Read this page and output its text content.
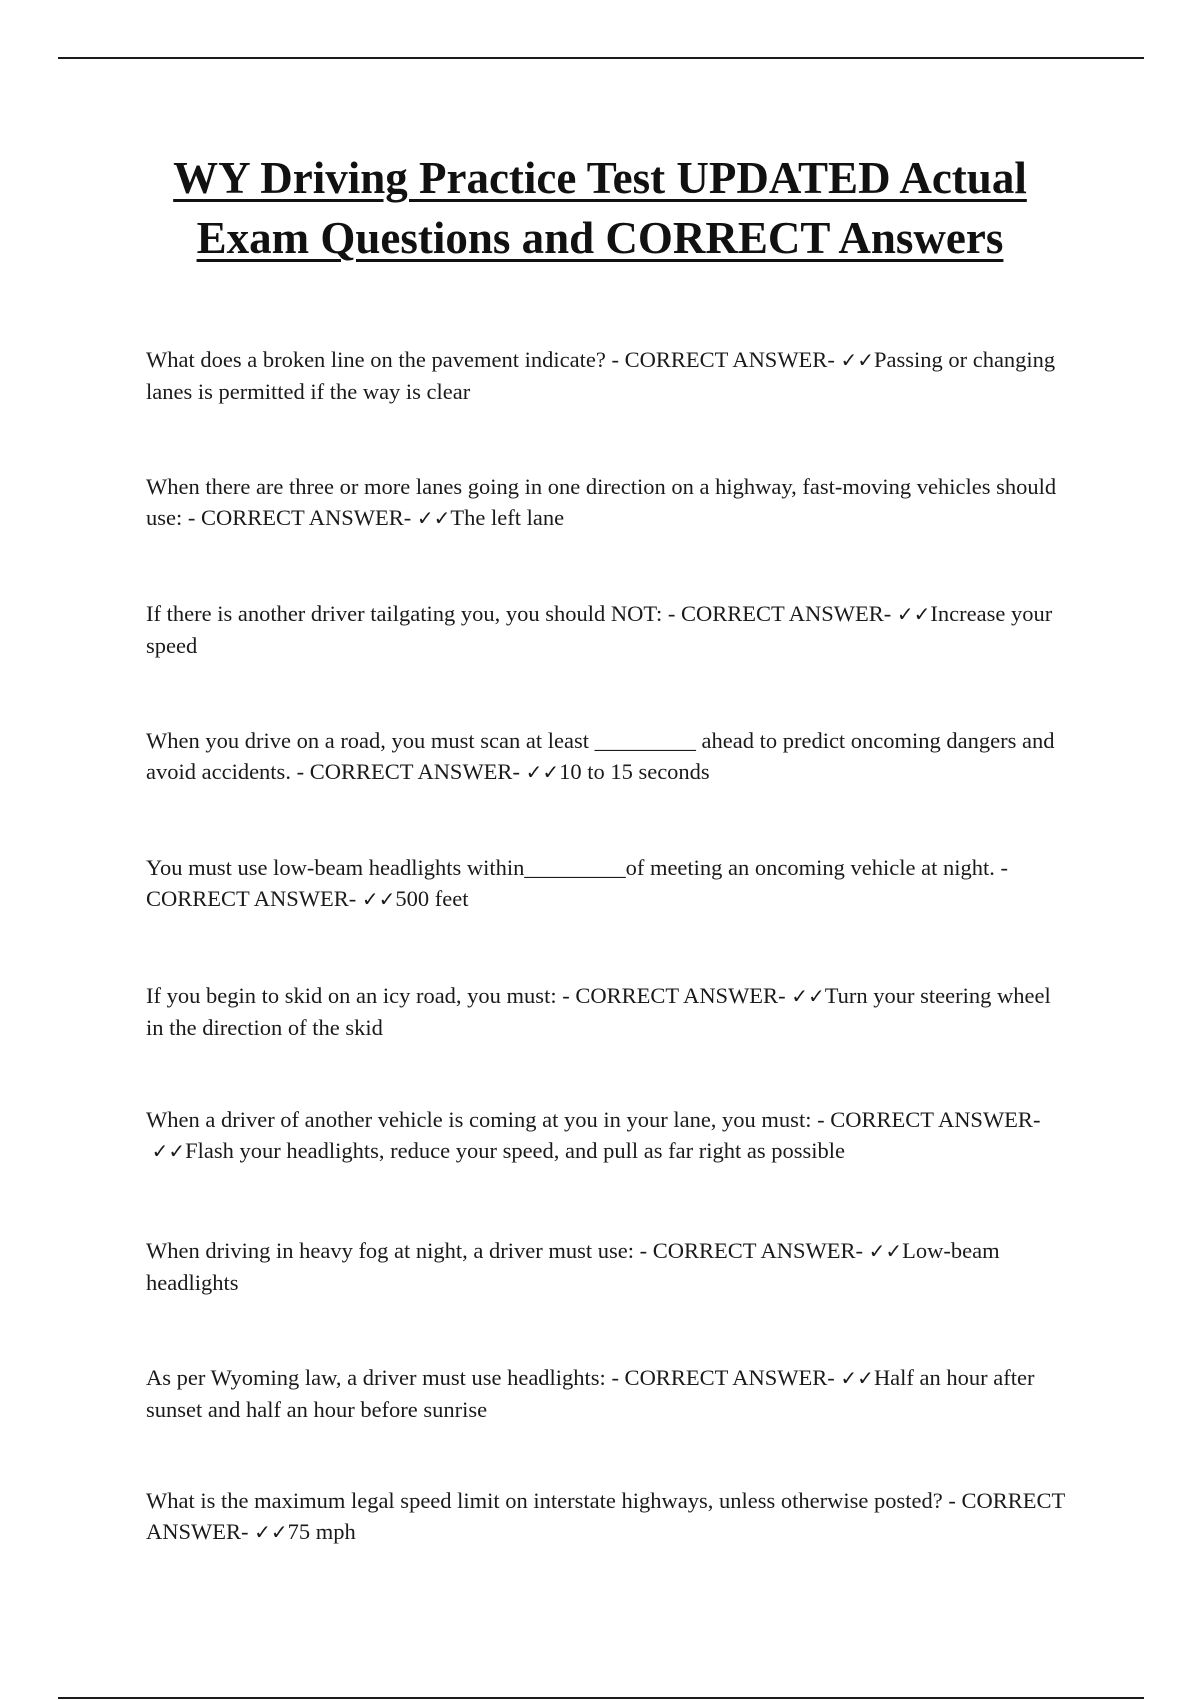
WY Driving Practice Test UPDATED Actual Exam Questions and CORRECT Answers

What does a broken line on the pavement indicate? - CORRECT ANSWER- ✓✓Passing or changing lanes is permitted if the way is clear

When there are three or more lanes going in one direction on a highway, fast-moving vehicles should use: - CORRECT ANSWER- ✓✓The left lane

If there is another driver tailgating you, you should NOT: - CORRECT ANSWER- ✓✓Increase your speed

When you drive on a road, you must scan at least _________ ahead to predict oncoming dangers and avoid accidents. - CORRECT ANSWER- ✓✓10 to 15 seconds

You must use low-beam headlights within_________of meeting an oncoming vehicle at night. - CORRECT ANSWER- ✓✓500 feet

If you begin to skid on an icy road, you must: - CORRECT ANSWER- ✓✓Turn your steering wheel in the direction of the skid

When a driver of another vehicle is coming at you in your lane, you must: - CORRECT ANSWER- ✓✓Flash your headlights, reduce your speed, and pull as far right as possible

When driving in heavy fog at night, a driver must use: - CORRECT ANSWER- ✓✓Low-beam headlights

As per Wyoming law, a driver must use headlights: - CORRECT ANSWER- ✓✓Half an hour after sunset and half an hour before sunrise

What is the maximum legal speed limit on interstate highways, unless otherwise posted? - CORRECT ANSWER- ✓✓75 mph
